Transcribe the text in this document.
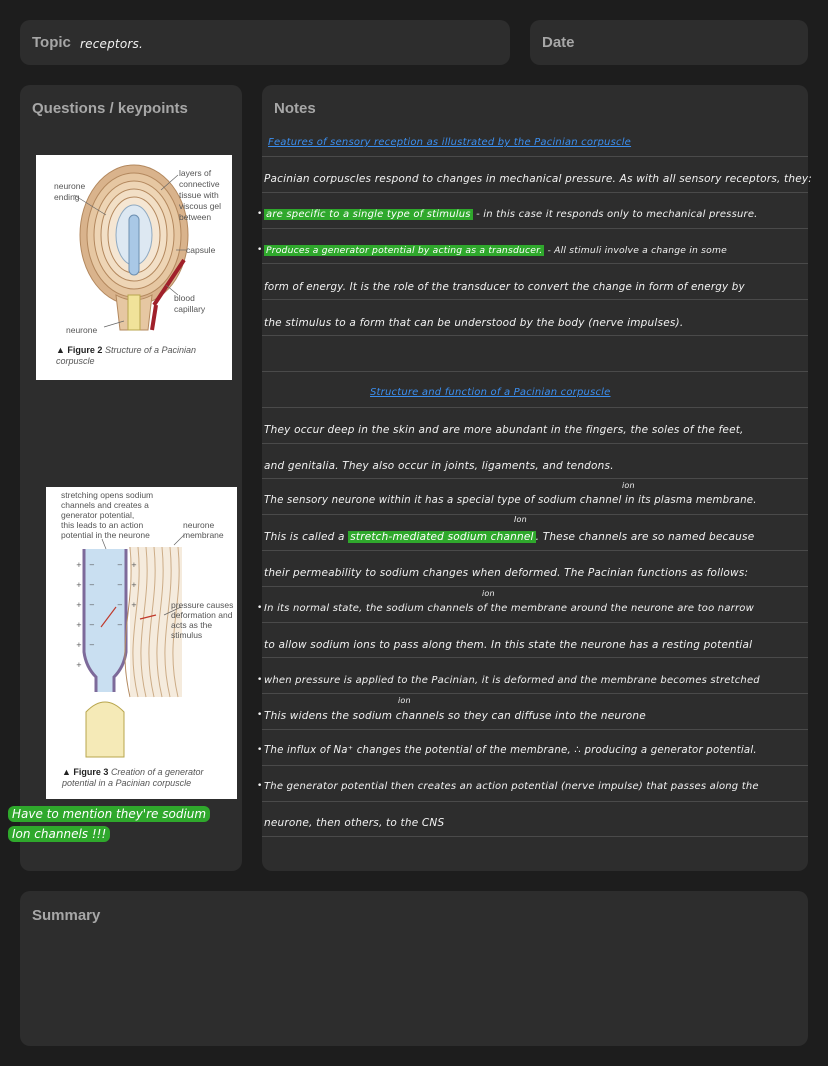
Topic receptors.	Date
Questions / keypoints
neurone
ending
layers of
connective
tissue with
viscous gel
between
capsule
blood
capillary
neurone
▲ Figure 2 Structure of a Pacinian corpuscle
+
+
+
+
+
+
−
−
−
−
−
−
−
−
−
+
+
+
stretching opens sodium
channels and creates a
generator potential,
this leads to an action
potential in the neurone
neurone
membrane
pressure causes
deformation and
acts as the
stimulus
▲ Figure 3 Creation of a generator potential in a Pacinian corpuscle
Have to mention they're sodium
Ion channels !!!
Notes
Features of sensory reception as illustrated by the Pacinian corpuscle
Pacinian corpuscles respond to changes in mechanical pressure. As with all sensory receptors, they:
• are specific to a single type of stimulus - in this case it responds only to mechanical pressure.
• Produces a generator potential by acting as a transducer. - All stimuli involve a change in some
form of energy. It is the role of the transducer to convert the change in form of energy by
the stimulus to a form that can be understood by the body (nerve impulses).
Structure and function of a Pacinian corpuscle
They occur deep in the skin and are more abundant in the fingers, the soles of the feet,
and genitalia. They also occur in joints, ligaments, and tendons.
ion
The sensory neurone within it has a special type of sodium channel in its plasma membrane.
Ion
This is called a stretch-mediated sodium channel . These channels are so named because
their permeability to sodium changes when deformed. The Pacinian functions as follows:
ion
• In its normal state, the sodium channels of the membrane around the neurone are too narrow
to allow sodium ions to pass along them. In this state the neurone has a resting potential
• when pressure is applied to the Pacinian, it is deformed and the membrane becomes stretched
ion
• This widens the sodium channels so they can diffuse into the neurone
• The influx of Na⁺ changes the potential of the membrane, ∴ producing a generator potential.
• The generator potential then creates an action potential (nerve impulse) that passes along the
neurone, then others, to the CNS
Summary
